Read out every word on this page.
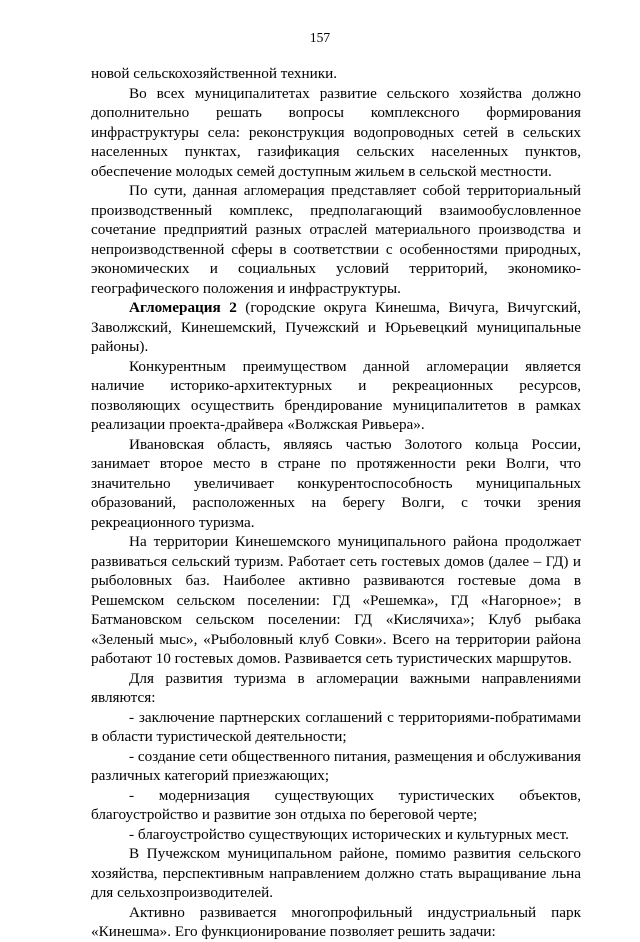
157
новой сельскохозяйственной техники.
Во всех муниципалитетах развитие сельского хозяйства должно
дополнительно решать вопросы комплексного формирования
инфраструктуры села: реконструкция водопроводных сетей в сельских
населенных пунктах, газификация сельских населенных пунктов,
обеспечение молодых семей доступным жильем в сельской местности.
По сути, данная агломерация представляет собой территориальный
производственный комплекс, предполагающий взаимообусловленное
сочетание предприятий разных отраслей материального производства и
непроизводственной сферы в соответствии с особенностями природных,
экономических и социальных условий территорий, экономико-
географического положения и инфраструктуры.
Агломерация 2 (городские округа Кинешма, Вичуга, Вичугский,
Заволжский, Кинешемский, Пучежский и Юрьевецкий муниципальные
районы).
Конкурентным преимуществом данной агломерации является
наличие историко-архитектурных и рекреационных ресурсов,
позволяющих осуществить брендирование муниципалитетов в рамках
реализации проекта-драйвера «Волжская Ривьера».
Ивановская область, являясь частью Золотого кольца России,
занимает второе место в стране по протяженности реки Волги, что
значительно увеличивает конкурентоспособность муниципальных
образований, расположенных на берегу Волги, с точки зрения
рекреационного туризма.
На территории Кинешемского муниципального района продолжает
развиваться сельский туризм. Работает сеть гостевых домов (далее – ГД) и
рыболовных баз. Наиболее активно развиваются гостевые дома в
Решемском сельском поселении: ГД «Решемка», ГД «Нагорное»; в
Батмановском сельском поселении: ГД «Кислячиха»; Клуб рыбака
«Зеленый мыс», «Рыболовный клуб Совки». Всего на территории района
работают 10 гостевых домов. Развивается сеть туристических маршрутов.
Для развития туризма в агломерации важными направлениями
являются:
- заключение партнерских соглашений с территориями-побратимами
в области туристической деятельности;
- создание сети общественного питания, размещения и обслуживания
различных категорий приезжающих;
- модернизация существующих туристических объектов,
благоустройство и развитие зон отдыха по береговой черте;
- благоустройство существующих исторических и культурных мест.
В Пучежском муниципальном районе, помимо развития сельского
хозяйства, перспективным направлением должно стать выращивание льна
для сельхозпроизводителей.
Активно развивается многопрофильный индустриальный парк
«Кинешма». Его функционирование позволяет решить задачи:
